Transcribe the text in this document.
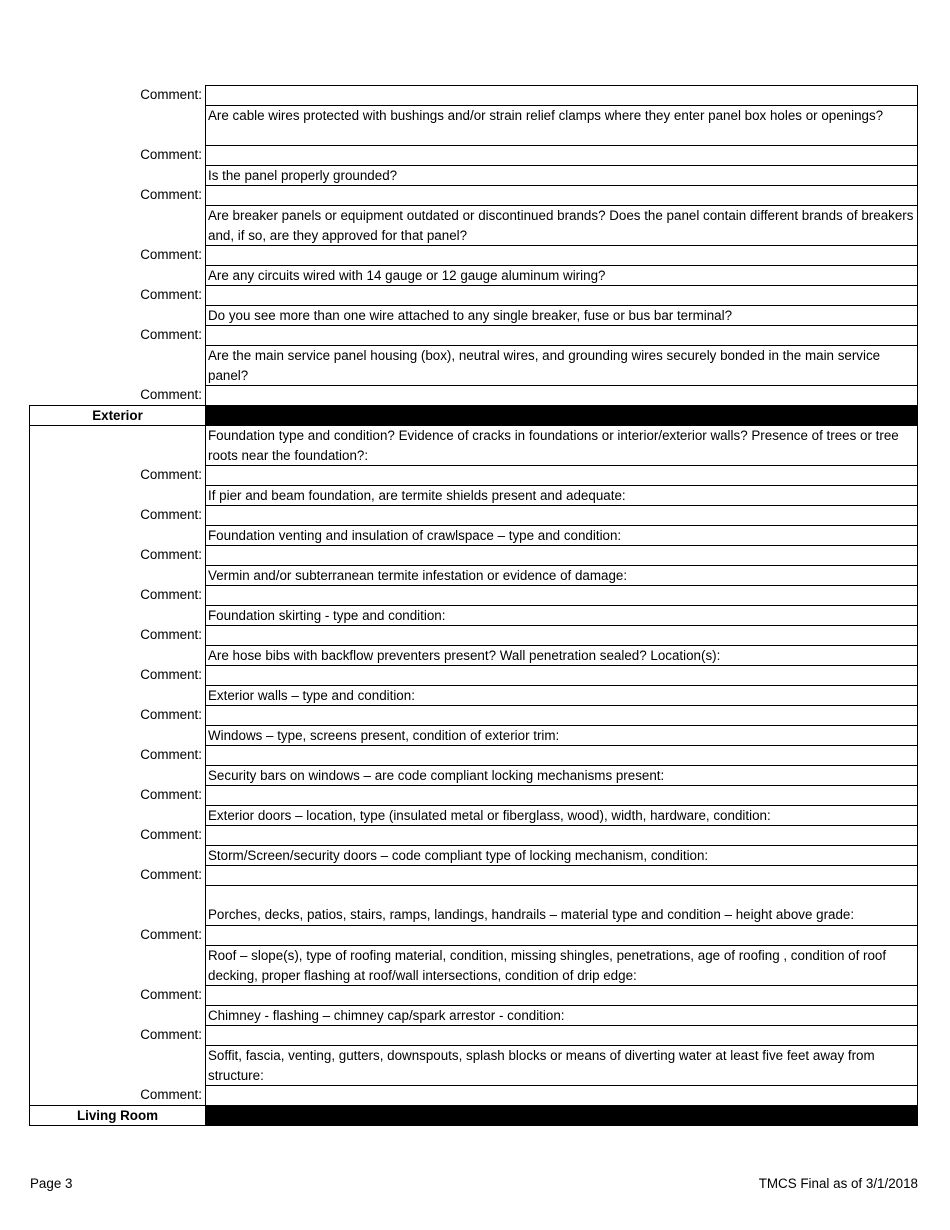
Comment:
Are cable wires protected with bushings and/or strain relief clamps where they enter panel box holes or openings?
Comment:
Is the panel properly grounded?
Comment:
Are breaker panels or equipment outdated or discontinued brands? Does the panel contain different brands of breakers and, if so, are they approved for that panel?
Comment:
Are any circuits wired with 14 gauge or 12 gauge aluminum wiring?
Comment:
Do you see more than one wire attached to any single breaker, fuse or bus bar terminal?
Comment:
Are the main service panel housing (box), neutral wires, and grounding wires securely bonded in the main service panel?
Comment:
Exterior
Foundation type and condition? Evidence of cracks in foundations or interior/exterior walls? Presence of trees or tree roots near the foundation?:
Comment:
If pier and beam foundation, are termite shields present and adequate:
Comment:
Foundation venting and insulation of crawlspace – type and condition:
Comment:
Vermin and/or subterranean termite infestation or evidence of damage:
Comment:
Foundation skirting - type and condition:
Comment:
Are hose bibs with backflow preventers present? Wall penetration sealed? Location(s):
Comment:
Exterior walls – type and condition:
Comment:
Windows – type, screens present, condition of exterior trim:
Comment:
Security bars on windows – are code compliant locking mechanisms present:
Comment:
Exterior doors – location, type (insulated metal or fiberglass, wood), width, hardware, condition:
Comment:
Storm/Screen/security doors – code compliant type of locking mechanism, condition:
Comment:
Porches, decks, patios, stairs, ramps, landings, handrails – material type and condition – height above grade:
Comment:
Roof – slope(s), type of roofing material, condition, missing shingles, penetrations, age of roofing , condition of roof decking, proper flashing at roof/wall intersections, condition of drip edge:
Comment:
Chimney - flashing – chimney cap/spark arrestor - condition:
Comment:
Soffit, fascia, venting, gutters, downspouts, splash blocks or means of diverting water at least five feet away from structure:
Comment:
Living Room
Page 3	TMCS Final as of 3/1/2018
